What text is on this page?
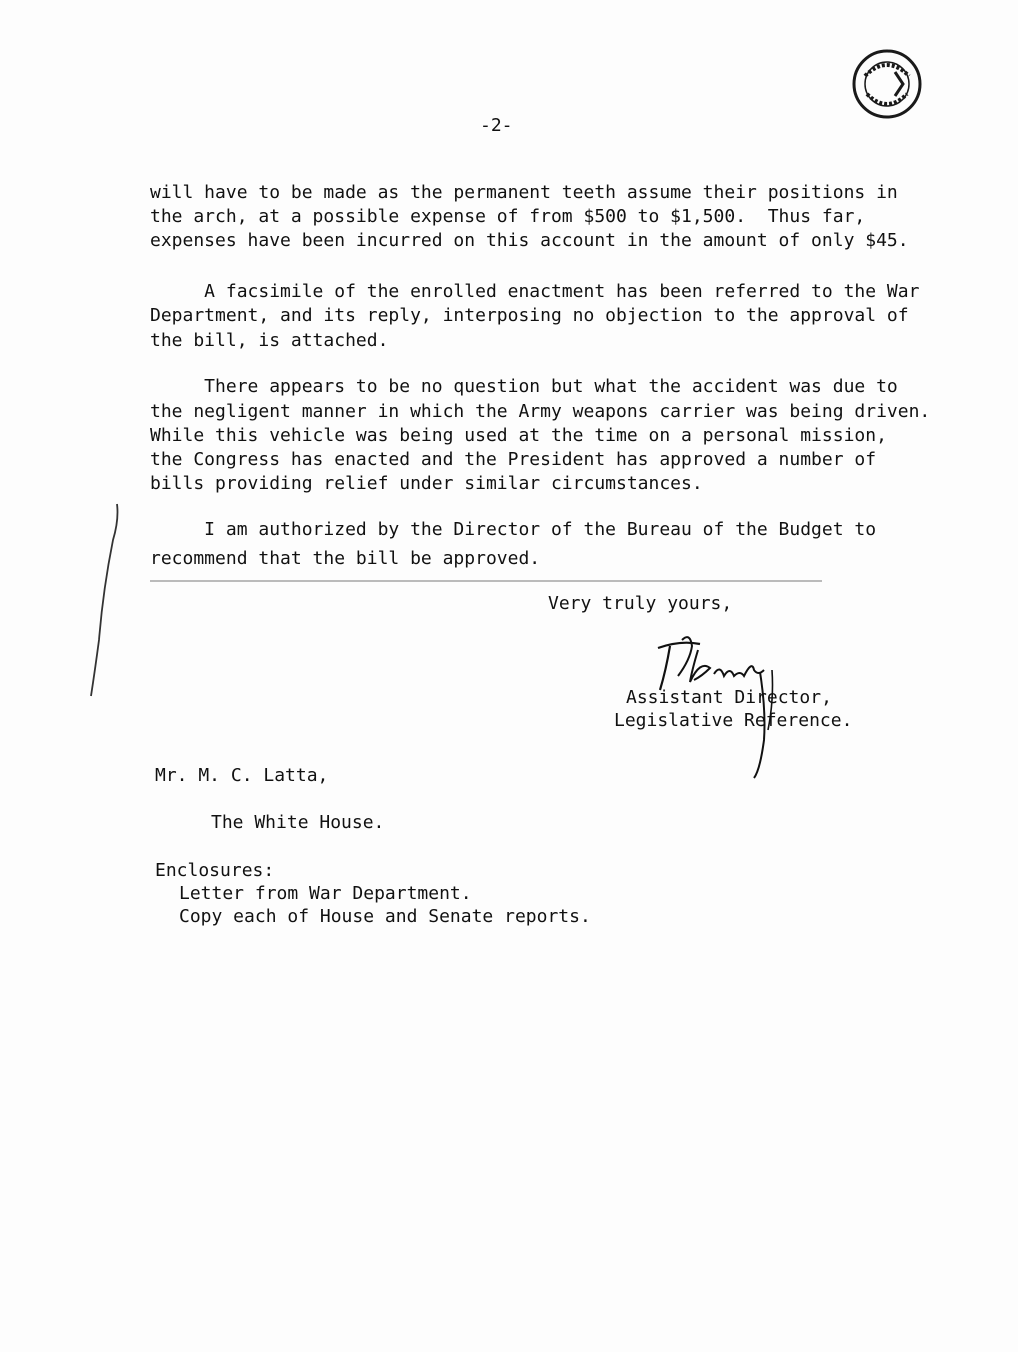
-2-
will have to be made as the permanent teeth assume their positions in
the arch, at a possible expense of from $500 to $1,500.  Thus far,
expenses have been incurred on this account in the amount of only $45.
A facsimile of the enrolled enactment has been referred to the War
Department, and its reply, interposing no objection to the approval of
the bill, is attached.
There appears to be no question but what the accident was due to
the negligent manner in which the Army weapons carrier was being driven.
While this vehicle was being used at the time on a personal mission,
the Congress has enacted and the President has approved a number of
bills providing relief under similar circumstances.
I am authorized by the Director of the Bureau of the Budget to
recommend that the bill be approved.
Very truly yours,
Assistant Director,
Legislative Reference.
Mr. M. C. Latta,
The White House.
Enclosures:
Letter from War Department.
Copy each of House and Senate reports.
